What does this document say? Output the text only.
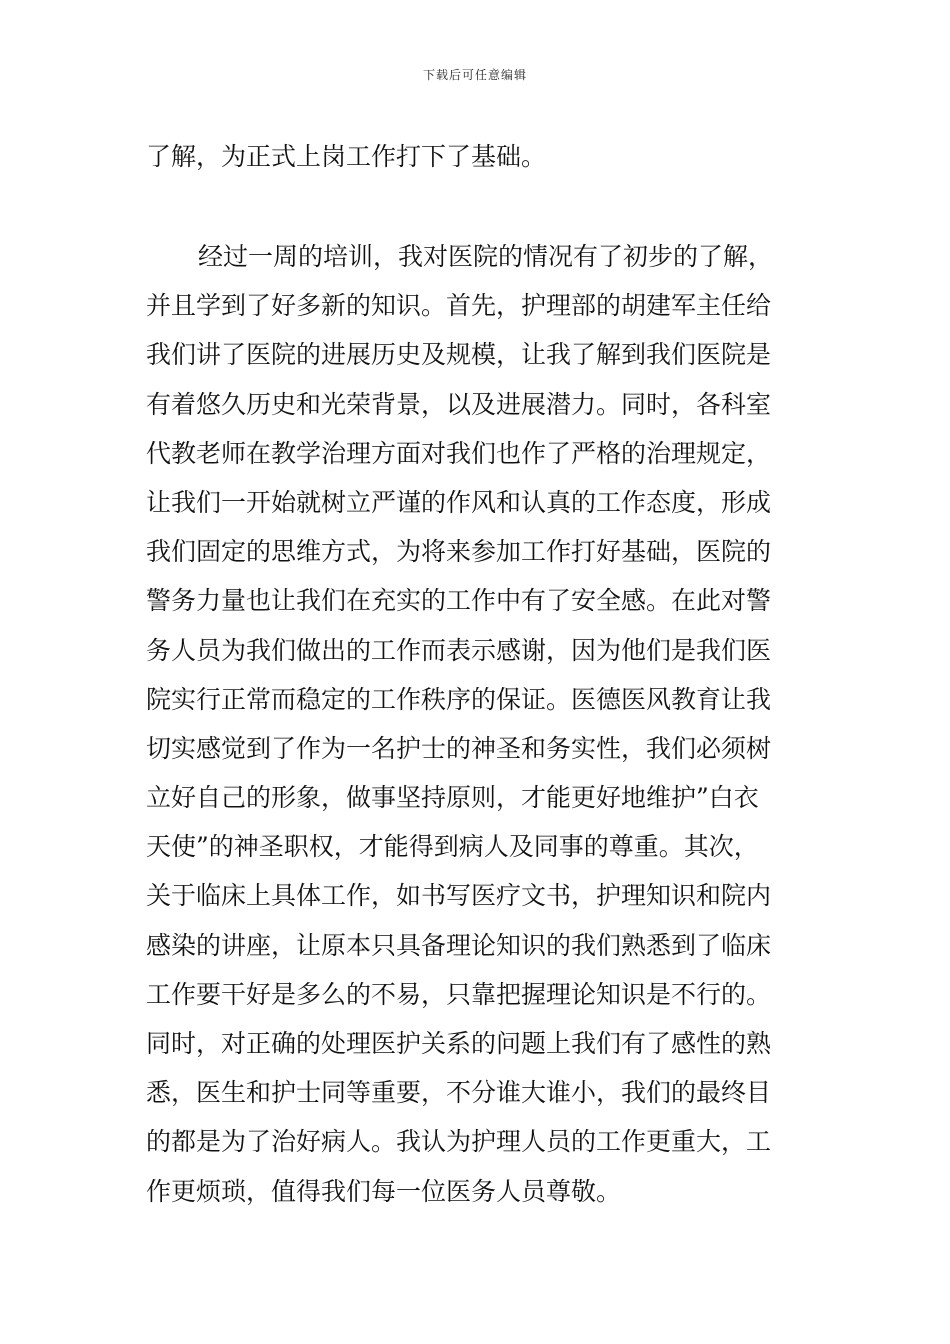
下载后可任意编辑
了解，为正式上岗工作打下了基础。
经过一周的培训，我对医院的情况有了初步的了解，
并且学到了好多新的知识。首先，护理部的胡建军主任给
我们讲了医院的进展历史及规模，让我了解到我们医院是
有着悠久历史和光荣背景，以及进展潜力。同时，各科室
代教老师在教学治理方面对我们也作了严格的治理规定，
让我们一开始就树立严谨的作风和认真的工作态度，形成
我们固定的思维方式，为将来参加工作打好基础，医院的
警务力量也让我们在充实的工作中有了安全感。在此对警
务人员为我们做出的工作而表示感谢，因为他们是我们医
院实行正常而稳定的工作秩序的保证。医德医风教育让我
切实感觉到了作为一名护士的神圣和务实性，我们必须树
立好自己的形象，做事坚持原则，才能更好地维护”白衣
天使”的神圣职权，才能得到病人及同事的尊重。其次，
关于临床上具体工作，如书写医疗文书，护理知识和院内
感染的讲座，让原本只具备理论知识的我们熟悉到了临床
工作要干好是多么的不易，只靠把握理论知识是不行的。
同时，对正确的处理医护关系的问题上我们有了感性的熟
悉，医生和护士同等重要，不分谁大谁小，我们的最终目
的都是为了治好病人。我认为护理人员的工作更重大，工
作更烦琐，值得我们每一位医务人员尊敬。
